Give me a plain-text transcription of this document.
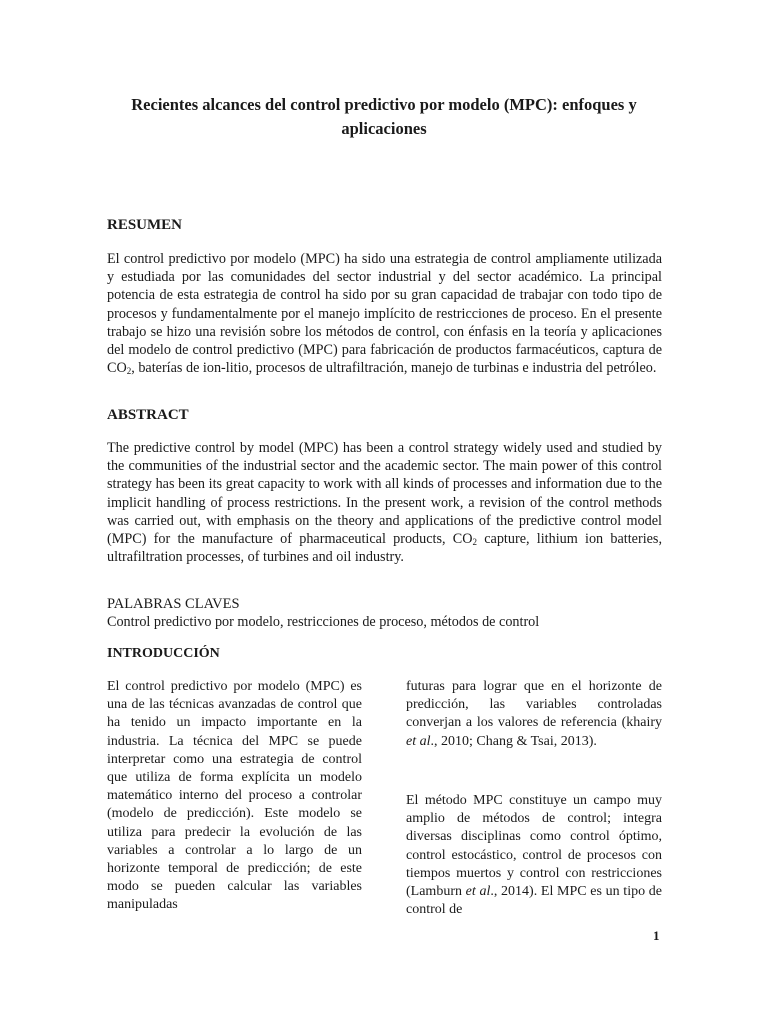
Recientes alcances del control predictivo por modelo (MPC): enfoques y
aplicaciones
RESUMEN
El control predictivo por modelo (MPC) ha sido una estrategia de control ampliamente utilizada y estudiada por las comunidades del sector industrial y del sector académico. La principal potencia de esta estrategia de control ha sido por su gran capacidad de trabajar con todo tipo de procesos y fundamentalmente por el manejo implícito de restricciones de proceso. En el presente trabajo se hizo una revisión sobre los métodos de control, con énfasis en la teoría y aplicaciones del modelo de control predictivo (MPC) para fabricación de productos farmacéuticos, captura de $CO_2$, baterías de ion-litio, procesos de ultrafiltración, manejo de turbinas e industria del petróleo.
ABSTRACT
The predictive control by model (MPC) has been a control strategy widely used and studied by the communities of the industrial sector and the academic sector. The main power of this control strategy has been its great capacity to work with all kinds of processes and information due to the implicit handling of process restrictions. In the present work, a revision of the control methods was carried out, with emphasis on the theory and applications of the predictive control model (MPC) for the manufacture of pharmaceutical products, $CO_2$ capture, lithium ion batteries, ultrafiltration processes, of turbines and oil industry.
PALABRAS CLAVES
Control predictivo por modelo, restricciones de proceso, métodos de control
INTRODUCCIÓN
El control predictivo por modelo (MPC) es una de las técnicas avanzadas de control que ha tenido un impacto importante en la industria. La técnica del MPC se puede interpretar como una estrategia de control que utiliza de forma explícita un modelo matemático interno del proceso a controlar (modelo de predicción). Este modelo se utiliza para predecir la evolución de las variables a controlar a lo largo de un horizonte temporal de predicción; de este modo se pueden calcular las variables manipuladas
futuras para lograr que en el horizonte de predicción, las variables controladas converjan a los valores de referencia (khairy et al., 2010; Chang & Tsai, 2013).
El método MPC constituye un campo muy amplio de métodos de control; integra diversas disciplinas como control óptimo, control estocástico, control de procesos con tiempos muertos y control con restricciones (Lamburn et al., 2014). El MPC es un tipo de control de
1
